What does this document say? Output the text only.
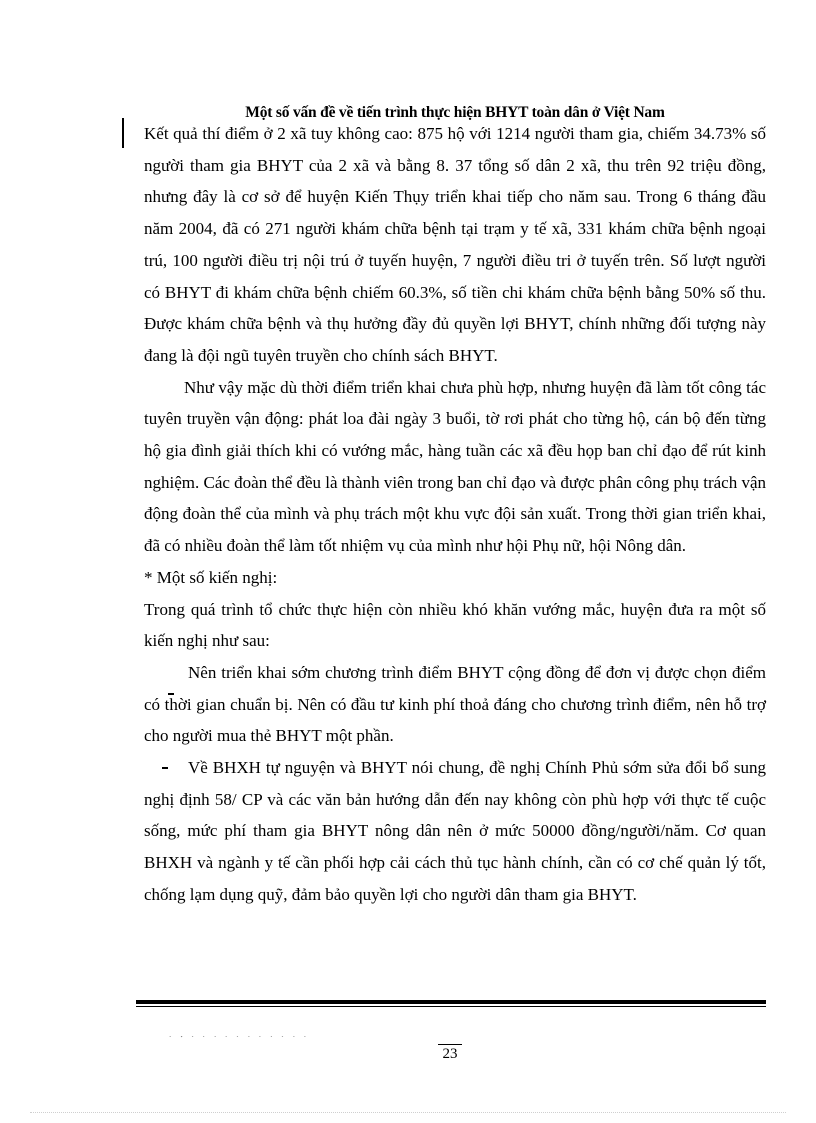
Một số vấn đề về tiến trình thực hiện BHYT toàn dân ở Việt Nam

Kết quả thí điểm ở 2 xã tuy không cao: 875 hộ với 1214 người tham gia, chiếm 34.73% số người tham gia BHYT của 2 xã và bằng 8. 37 tổng số dân 2 xã, thu trên 92 triệu đồng, nhưng đây là cơ sở để huyện Kiến Thụy triển khai tiếp cho năm sau. Trong 6 tháng đầu năm 2004, đã có 271 người khám chữa bệnh tại trạm y tế xã, 331 khám chữa bệnh ngoại trú, 100 người điều trị nội trú ở tuyến huyện, 7 người điều tri ở tuyến trên. Số lượt người có BHYT đi khám chữa bệnh chiếm 60.3%, số tiền chi khám chữa bệnh bằng 50% số thu. Được khám chữa bệnh và thụ hưởng đầy đủ quyền lợi BHYT, chính những đối tượng này đang là đội ngũ tuyên truyền cho chính sách BHYT.

Như vậy mặc dù thời điểm triển khai chưa phù hợp, nhưng huyện đã làm tốt công tác tuyên truyền vận động: phát loa đài ngày 3 buổi, tờ rơi phát cho từng hộ, cán bộ đến từng hộ gia đình giải thích khi có vướng mắc, hàng tuần các xã đều họp ban chỉ đạo để rút kinh nghiệm. Các đoàn thể đều là thành viên trong ban chỉ đạo và được phân công phụ trách vận động đoàn thể của mình và phụ trách một khu vực đội sản xuất. Trong thời gian triển khai, đã có nhiều đoàn thể làm tốt nhiệm vụ của mình như hội Phụ nữ, hội Nông dân.

* Một số kiến nghị:

Trong quá trình tổ chức thực hiện còn nhiều khó khăn vướng mắc, huyện đưa ra một số kiến nghị như sau:

Nên triển khai sớm chương trình điểm BHYT cộng đồng để đơn vị được chọn điểm có thời gian chuẩn bị. Nên có đầu tư kinh phí thoả đáng cho chương trình điểm, nên hỗ trợ cho người mua thẻ BHYT một phần.
Về BHXH tự nguyện và BHYT nói chung, đề nghị Chính Phủ sớm sửa đổi bổ sung nghị định 58/ CP và các văn bản hướng dẫn đến nay không còn phù hợp với thực tế cuộc sống, mức phí tham gia BHYT nông dân nên ở mức 50000 đồng/người/năm. Cơ quan BHXH và ngành y tế cần phối hợp cải cách thủ tục hành chính, cần có cơ chế quản lý tốt, chống lạm dụng quỹ, đảm bảo quyền lợi cho người dân tham gia BHYT.
̀ ̀ ̉ ̀ ́ ̀ ́ ́ ̀ ́ ̀ ́ ̀ ́
23
